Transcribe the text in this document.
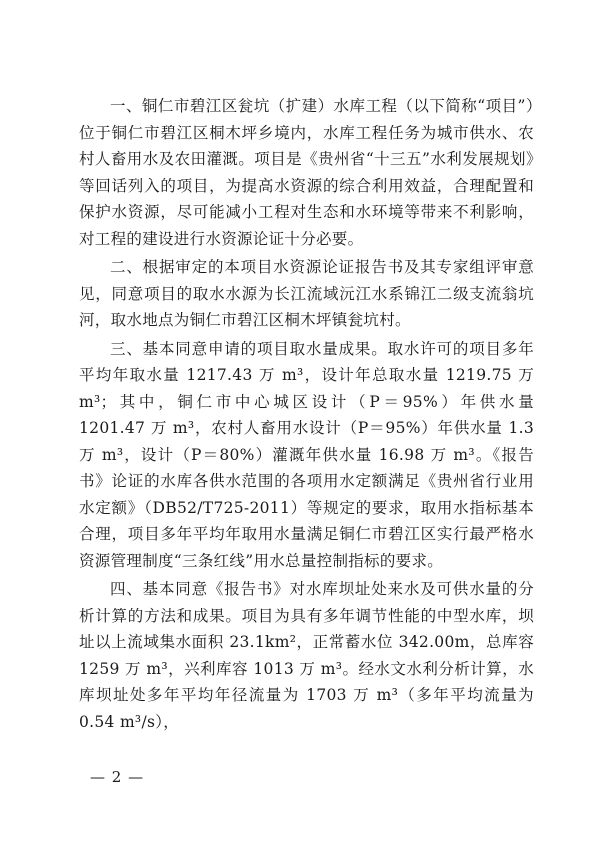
一、铜仁市碧江区瓮坑（扩建）水库工程（以下简称“项目”）位于铜仁市碧江区桐木坪乡境内，水库工程任务为城市供水、农村人畜用水及农田灌溉。项目是《贵州省“十三五”水利发展规划》等回话列入的项目，为提高水资源的综合利用效益，合理配置和保护水资源，尽可能减小工程对生态和水环境等带来不利影响，对工程的建设进行水资源论证十分必要。

二、根据审定的本项目水资源论证报告书及其专家组评审意见，同意项目的取水水源为长江流域沅江水系锦江二级支流翁坑河，取水地点为铜仁市碧江区桐木坪镇瓮坑村。

三、基本同意申请的项目取水量成果。取水许可的项目多年平均年取水量 1217.43 万 m³，设计年总取水量 1219.75 万 m³；其中，铜仁市中心城区设计（P＝95%）年供水量 1201.47 万 m³，农村人畜用水设计（P＝95%）年供水量 1.3 万 m³，设计（P＝80%）灌溉年供水量 16.98 万 m³。《报告书》论证的水库各供水范围的各项用水定额满足《贵州省行业用水定额》（DB52/T725-2011）等规定的要求，取用水指标基本合理，项目多年平均年取用水量满足铜仁市碧江区实行最严格水资源管理制度“三条红线”用水总量控制指标的要求。

四、基本同意《报告书》对水库坝址处来水及可供水量的分析计算的方法和成果。项目为具有多年调节性能的中型水库，坝址以上流域集水面积 23.1km²，正常蓄水位 342.00m，总库容 1259 万 m³，兴利库容 1013 万 m³。经水文水利分析计算，水库坝址处多年平均年径流量为 1703 万 m³（多年平均流量为 0.54 m³/s），

— 2 —
